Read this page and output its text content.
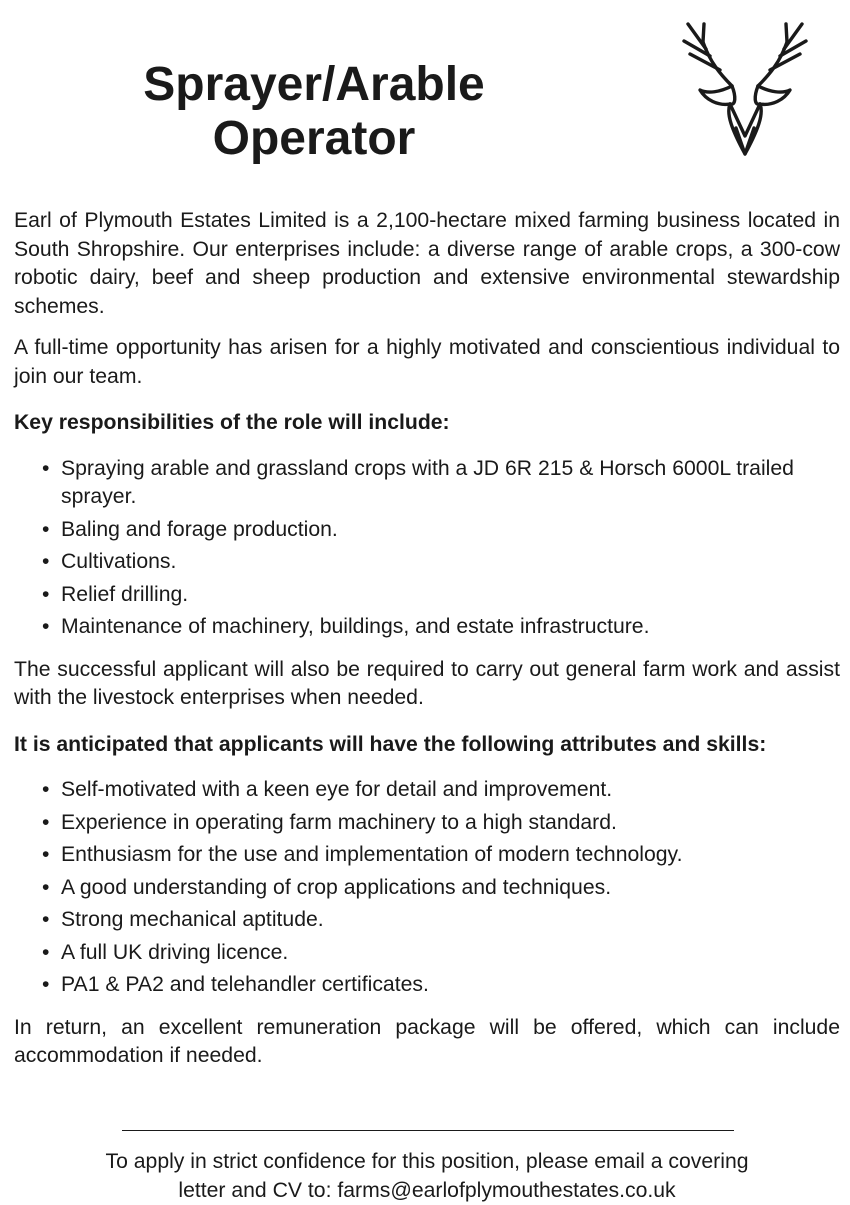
Sprayer/Arable
Operator

Earl of Plymouth Estates Limited is a 2,100-hectare mixed farming business located in South Shropshire. Our enterprises include: a diverse range of arable crops, a 300-cow robotic dairy, beef and sheep production and extensive environmental stewardship schemes.

A full-time opportunity has arisen for a highly motivated and conscientious individual to join our team.

Key responsibilities of the role will include:

• Spraying arable and grassland crops with a JD 6R 215 & Horsch 6000L trailed sprayer.
• Baling and forage production.
• Cultivations.
• Relief drilling.
• Maintenance of machinery, buildings, and estate infrastructure.

The successful applicant will also be required to carry out general farm work and assist with the livestock enterprises when needed.

It is anticipated that applicants will have the following attributes and skills:

• Self-motivated with a keen eye for detail and improvement.
• Experience in operating farm machinery to a high standard.
• Enthusiasm for the use and implementation of modern technology.
• A good understanding of crop applications and techniques.
• Strong mechanical aptitude.
• A full UK driving licence.
• PA1 & PA2 and telehandler certificates.

In return, an excellent remuneration package will be offered, which can include accommodation if needed.

To apply in strict confidence for this position, please email a covering
letter and CV to: farms@earlofplymouthestates.co.uk
